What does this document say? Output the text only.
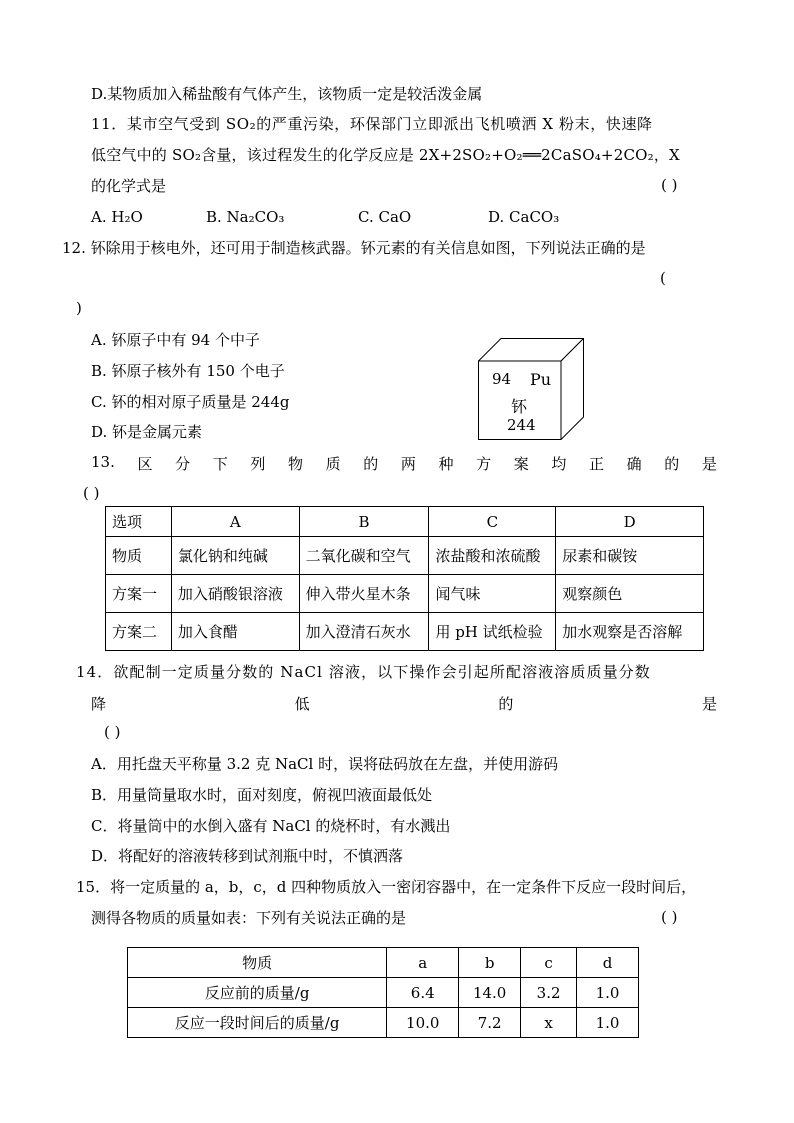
D.某物质加入稀盐酸有气体产生，该物质一定是较活泼金属
11．某市空气受到 SO₂的严重污染，环保部门立即派出飞机喷洒 X 粉末，快速降
低空气中的 SO₂含量，该过程发生的化学反应是 2X+2SO₂+O₂══2CaSO₄+2CO₂，X
的化学式是	( )
A. H₂O	B. Na₂CO₃	C. CaO	D. CaCO₃
12. 钚除用于核电外，还可用于制造核武器。钚元素的有关信息如图，下列说法正确的是
(
)
A. 钚原子中有 94 个中子
B. 钚原子核外有 150 个电子
C. 钚的相对原子质量是 244g
D. 钚是金属元素
94 Pu
钚
244
13. 区 分 下 列 物 质 的 两 种 方 案 均 正 确 的 是
( )
选项	A	B	C	D
物质	氯化钠和纯碱	二氧化碳和空气	浓盐酸和浓硫酸	尿素和碳铵
方案一	加入硝酸银溶液	伸入带火星木条	闻气味	观察颜色
方案二	加入食醋	加入澄清石灰水	用 pH 试纸检验	加水观察是否溶解
14．欲配制一定质量分数的 NaCl 溶液，以下操作会引起所配溶液溶质质量分数
降	低	的	是
( )
A．用托盘天平称量 3.2 克 NaCl 时，误将砝码放在左盘，并使用游码
B．用量筒量取水时，面对刻度，俯视凹液面最低处
C．将量筒中的水倒入盛有 NaCl 的烧杯时，有水溅出
D．将配好的溶液转移到试剂瓶中时，不慎洒落
15．将一定质量的 a，b，c，d 四种物质放入一密闭容器中，在一定条件下反应一段时间后，
测得各物质的质量如表：下列有关说法正确的是	( )
物质	a	b	c	d
反应前的质量/g	6.4	14.0	3.2	1.0
反应一段时间后的质量/g	10.0	7.2	x	1.0
